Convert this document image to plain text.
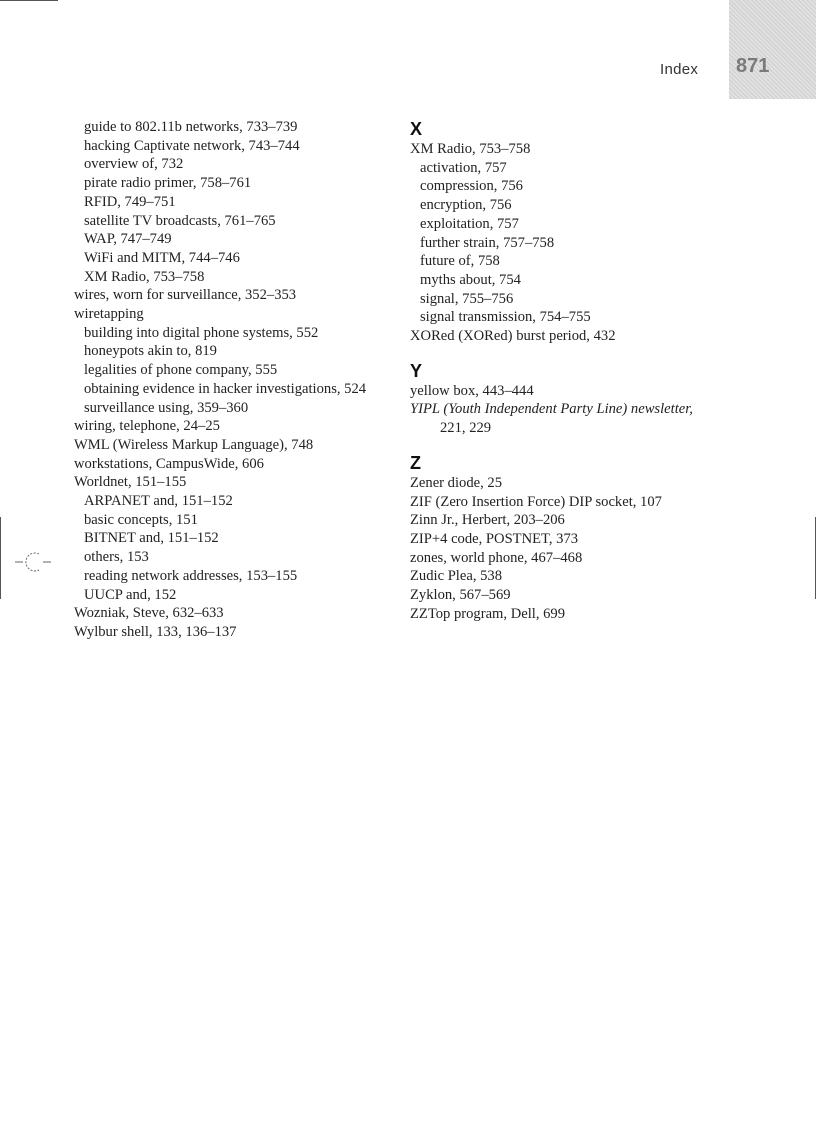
Index 871
guide to 802.11b networks, 733–739
hacking Captivate network, 743–744
overview of, 732
pirate radio primer, 758–761
RFID, 749–751
satellite TV broadcasts, 761–765
WAP, 747–749
WiFi and MITM, 744–746
XM Radio, 753–758
wires, worn for surveillance, 352–353
wiretapping
building into digital phone systems, 552
honeypots akin to, 819
legalities of phone company, 555
obtaining evidence in hacker investigations, 524
surveillance using, 359–360
wiring, telephone, 24–25
WML (Wireless Markup Language), 748
workstations, CampusWide, 606
Worldnet, 151–155
ARPANET and, 151–152
basic concepts, 151
BITNET and, 151–152
others, 153
reading network addresses, 153–155
UUCP and, 152
Wozniak, Steve, 632–633
Wylbur shell, 133, 136–137
X
XM Radio, 753–758
activation, 757
compression, 756
encryption, 756
exploitation, 757
further strain, 757–758
future of, 758
myths about, 754
signal, 755–756
signal transmission, 754–755
XORed (XORed) burst period, 432
Y
yellow box, 443–444
YIPL (Youth Independent Party Line) newsletter,
221, 229
Z
Zener diode, 25
ZIF (Zero Insertion Force) DIP socket, 107
Zinn Jr., Herbert, 203–206
ZIP+4 code, POSTNET, 373
zones, world phone, 467–468
Zudic Plea, 538
Zyklon, 567–569
ZZTop program, Dell, 699
